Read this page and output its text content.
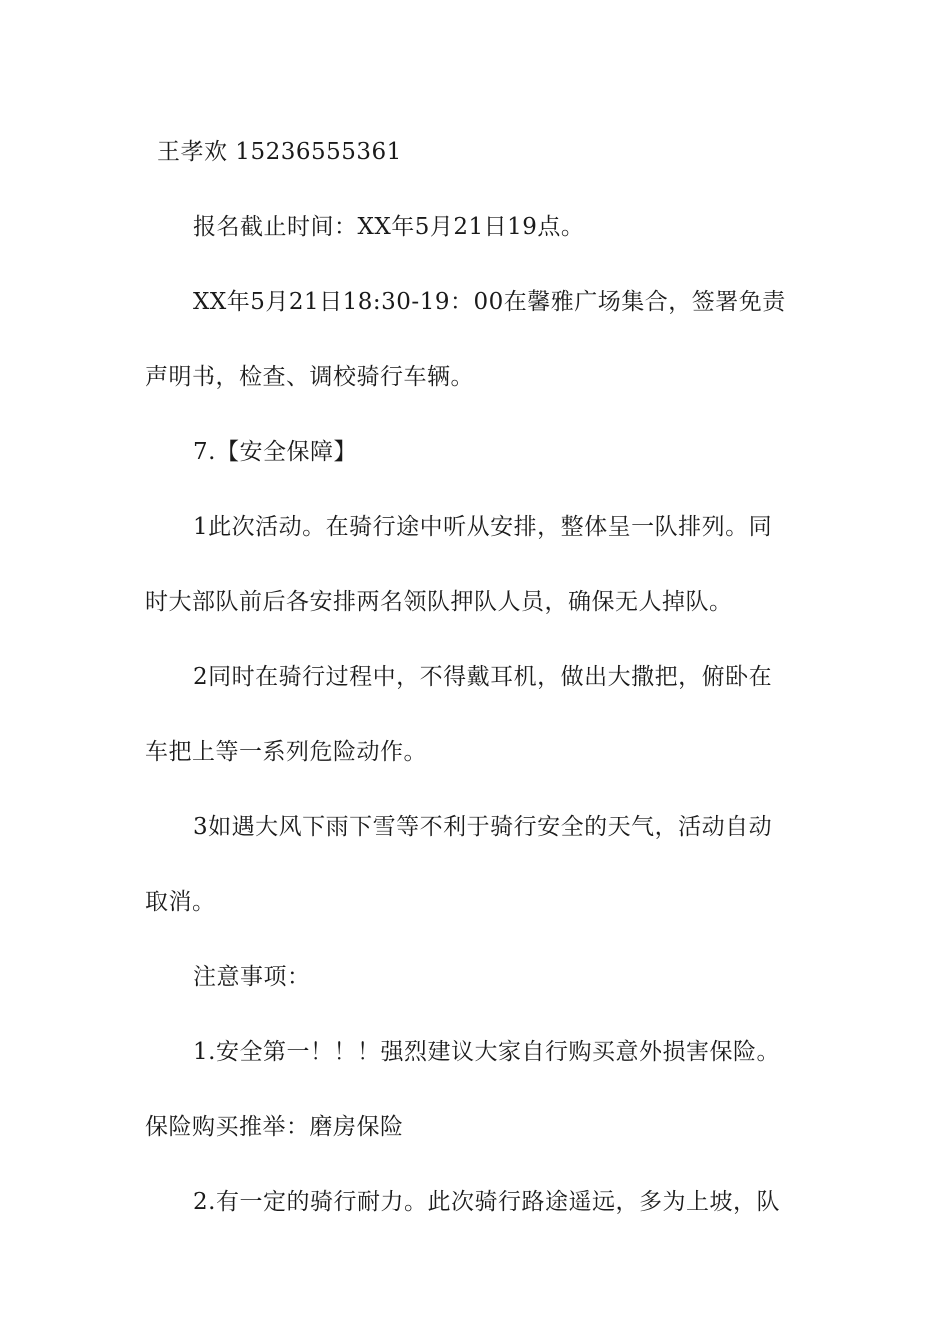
王孝欢 15236555361
报名截止时间：XX年5月21日19点。
XX年5月21日18:30-19：00在馨雅广场集合，签署免责
声明书，检查、调校骑行车辆。
7.【安全保障】
1此次活动。在骑行途中听从安排，整体呈一队排列。同
时大部队前后各安排两名领队押队人员，确保无人掉队。
2同时在骑行过程中，不得戴耳机，做出大撒把，俯卧在
车把上等一系列危险动作。
3如遇大风下雨下雪等不利于骑行安全的天气，活动自动
取消。
注意事项：
1.安全第一！！！强烈建议大家自行购买意外损害保险。
保险购买推举：磨房保险
2.有一定的骑行耐力。此次骑行路途遥远，多为上坡，队
